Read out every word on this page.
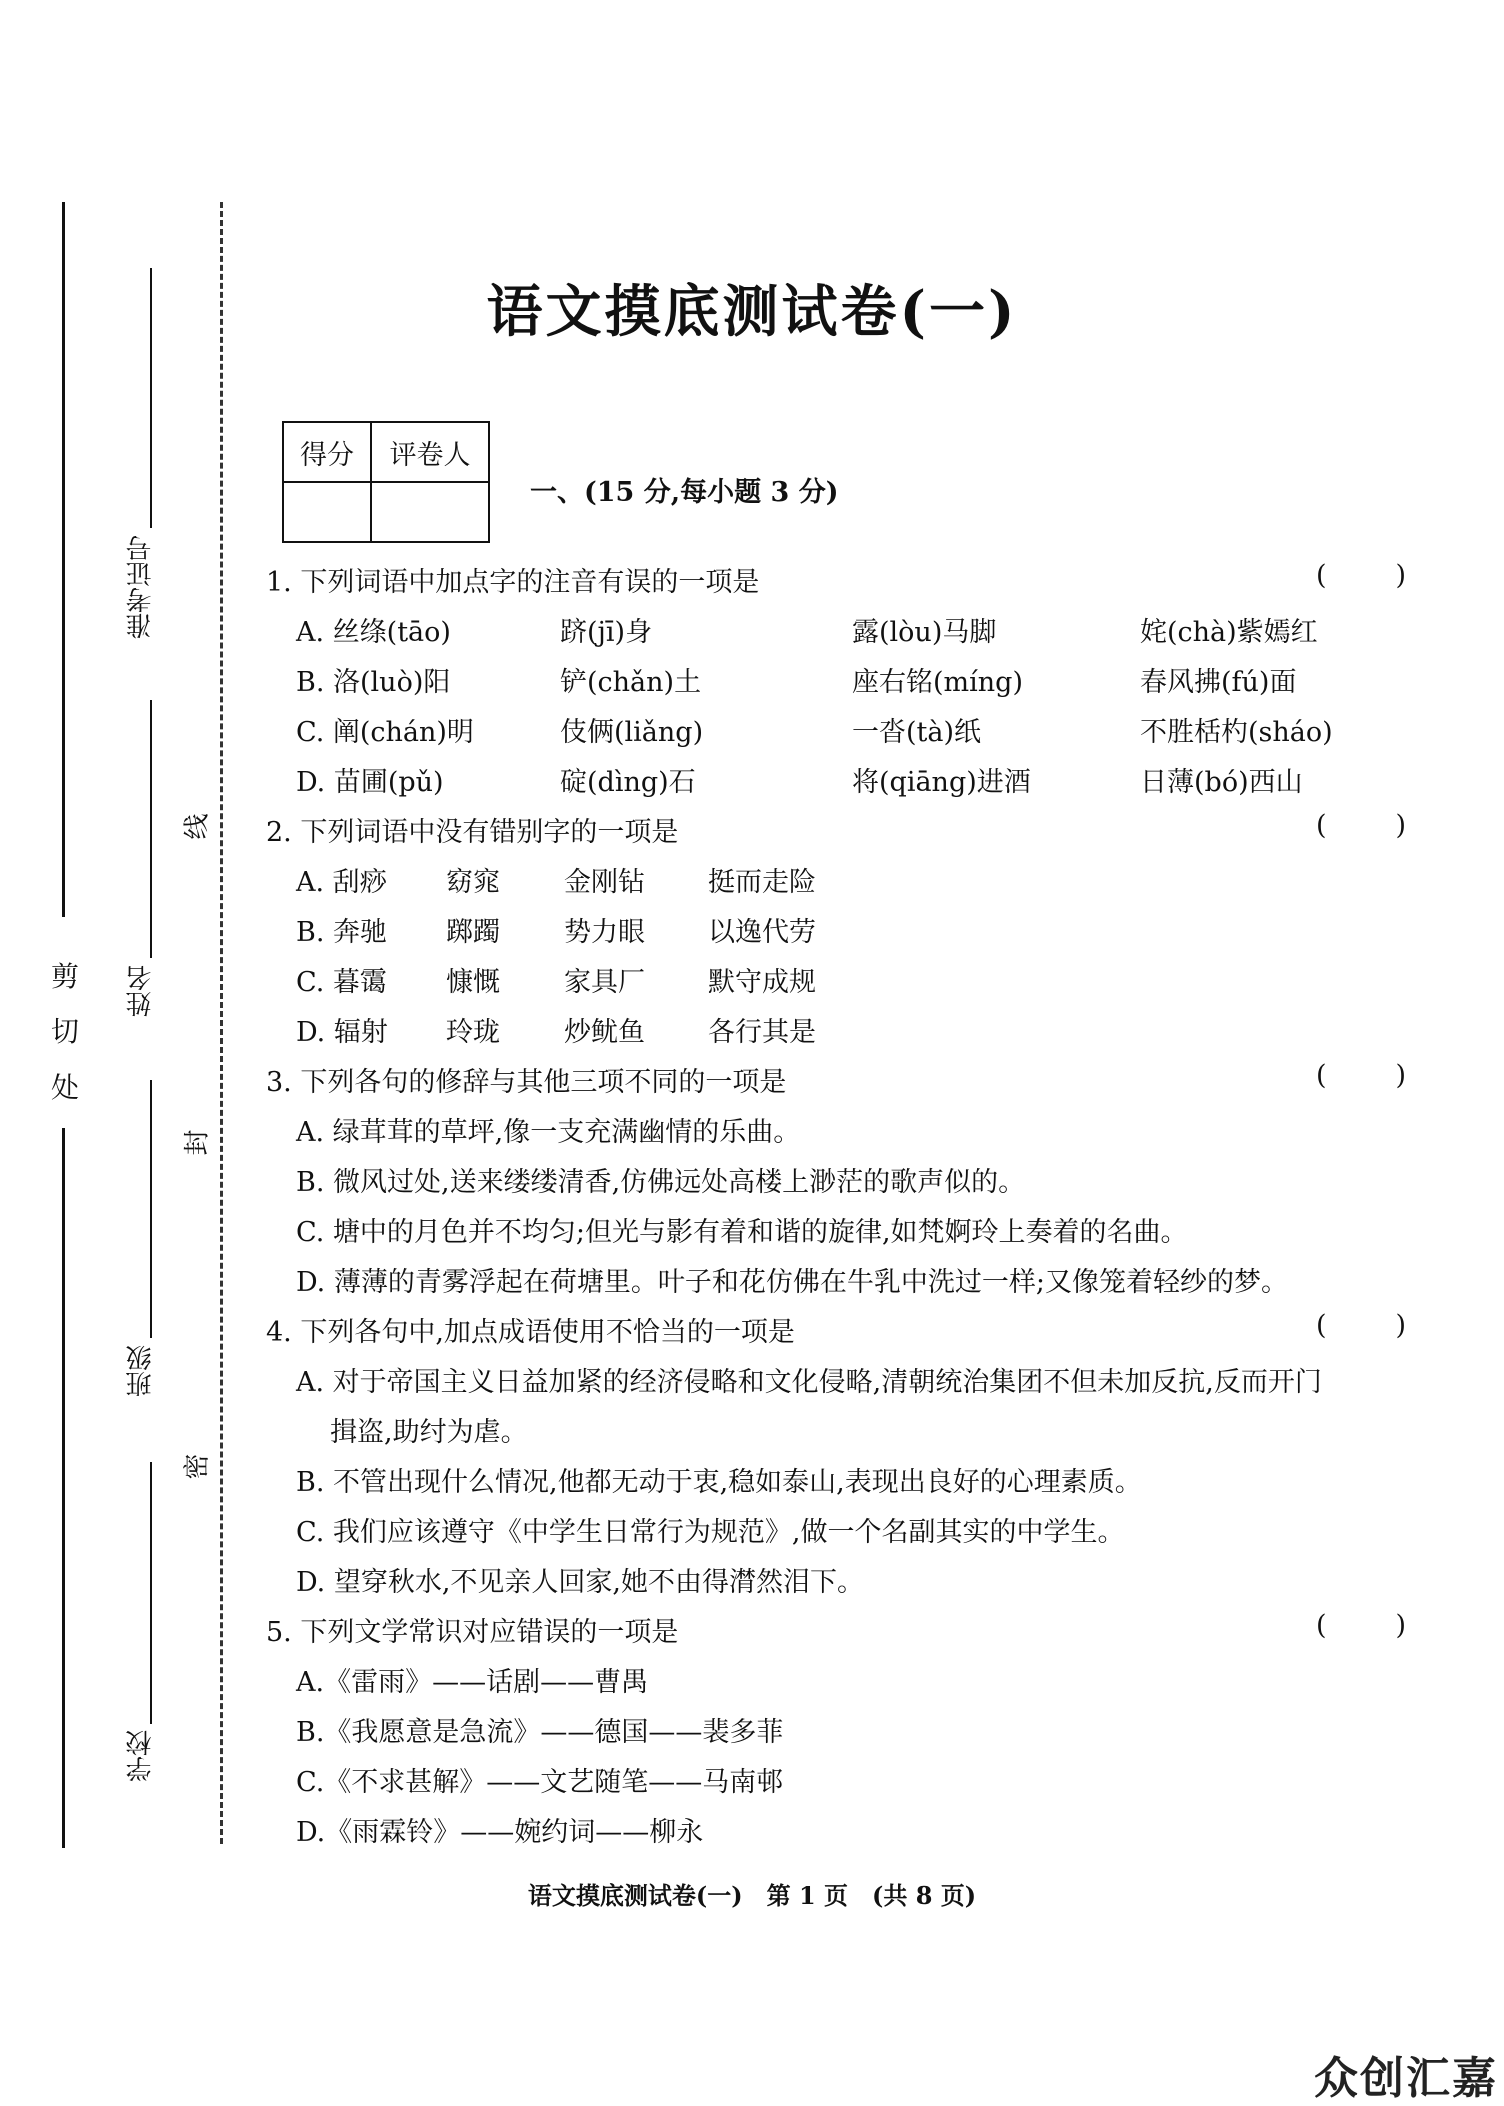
剪
切
处
准考证号
姓名
班级
学校
线
封
密
语文摸底测试卷(一)
得分	评卷人

一、(15 分,每小题 3 分)
1. 下列词语中加点字的注音有误的一项是	(	)
A. 丝绦(tāo)	跻(jī)身	露(lòu)马脚	姹(chà)紫嫣红
B. 洛(luò)阳	铲(chǎn)土	座右铭(míng)	春风拂(fú)面
C. 阐(chán)明	伎俩(liǎng)	一沓(tà)纸	不胜栝杓(sháo)
D. 苗圃(pǔ)	碇(dìng)石	将(qiāng)进酒	日薄(bó)西山
2. 下列词语中没有错别字的一项是	(	)
A. 刮痧 窈窕 金刚钻 挺而走险
B. 奔驰 踯躅 势力眼 以逸代劳
C. 暮霭 慷慨 家具厂 默守成规
D. 辐射 玲珑 炒鱿鱼 各行其是
3. 下列各句的修辞与其他三项不同的一项是	(	)
A. 绿茸茸的草坪,像一支充满幽情的乐曲。
B. 微风过处,送来缕缕清香,仿佛远处高楼上渺茫的歌声似的。
C. 塘中的月色并不均匀;但光与影有着和谐的旋律,如梵婀玲上奏着的名曲。
D. 薄薄的青雾浮起在荷塘里。叶子和花仿佛在牛乳中洗过一样;又像笼着轻纱的梦。
4. 下列各句中,加点成语使用不恰当的一项是	(	)
A. 对于帝国主义日益加紧的经济侵略和文化侵略,清朝统治集团不但未加反抗,反而开门
揖盗,助纣为虐。
B. 不管出现什么情况,他都无动于衷,稳如泰山,表现出良好的心理素质。
C. 我们应该遵守《中学生日常行为规范》,做一个名副其实的中学生。
D. 望穿秋水,不见亲人回家,她不由得潸然泪下。
5. 下列文学常识对应错误的一项是	(	)
A.《雷雨》——话剧——曹禺
B.《我愿意是急流》——德国——裴多菲
C.《不求甚解》——文艺随笔——马南邨
D.《雨霖铃》——婉约词——柳永
语文摸底测试卷(一)　第 1 页　(共 8 页)
众创汇嘉
